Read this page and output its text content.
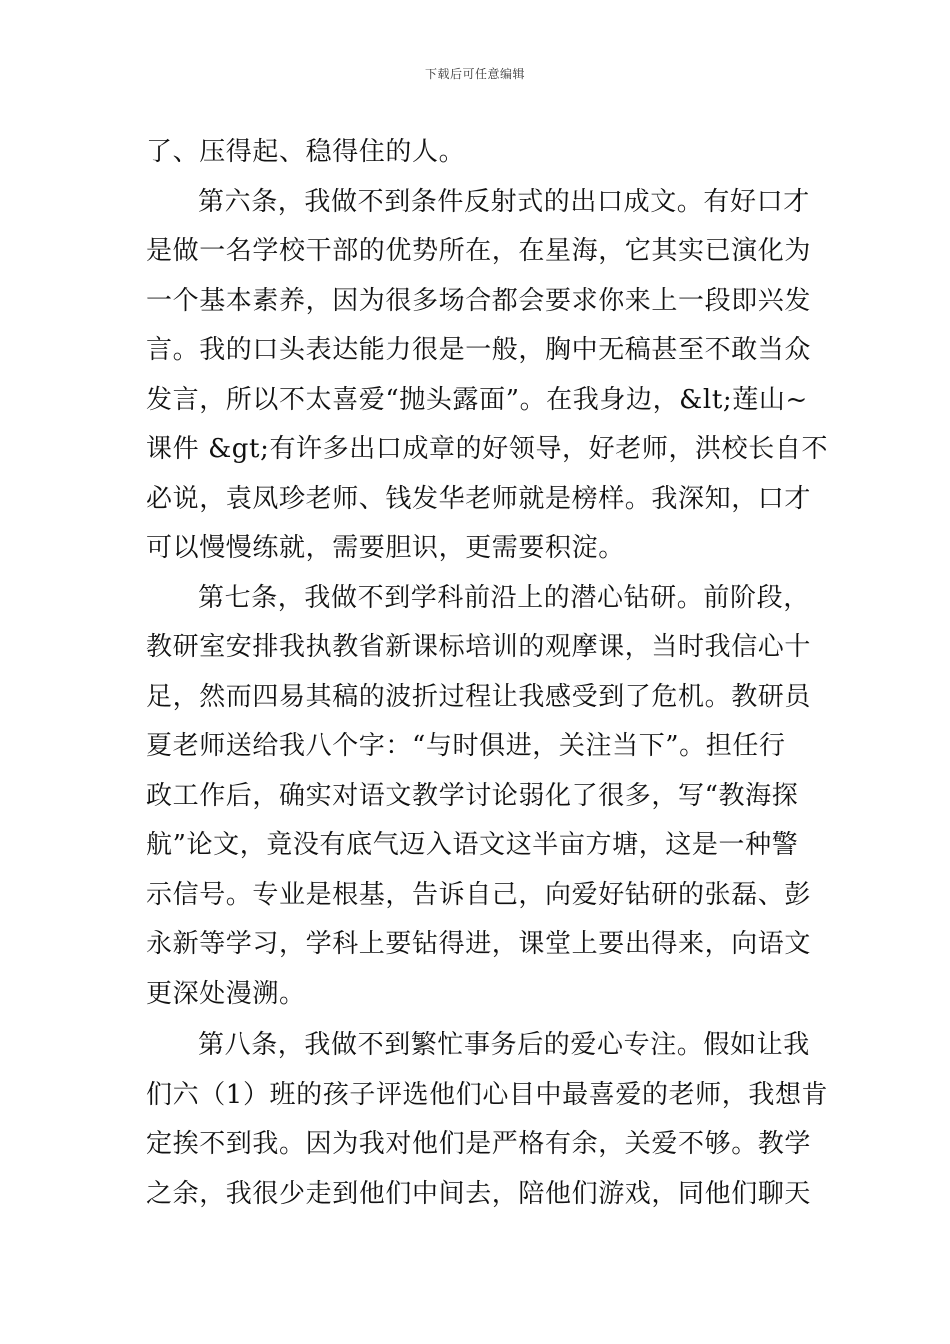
下载后可任意编辑
了、压得起、稳得住的人。
第六条，我做不到条件反射式的出口成文。有好口才
是做一名学校干部的优势所在，在星海，它其实已演化为
一个基本素养，因为很多场合都会要求你来上一段即兴发
言。我的口头表达能力很是一般，胸中无稿甚至不敢当众
发言，所以不太喜爱“抛头露面”。在我身边，&lt;莲山~
课件 &gt;有许多出口成章的好领导，好老师，洪校长自不
必说，袁凤珍老师、钱发华老师就是榜样。我深知，口才
可以慢慢练就，需要胆识，更需要积淀。
第七条，我做不到学科前沿上的潜心钻研。前阶段，
教研室安排我执教省新课标培训的观摩课，当时我信心十
足，然而四易其稿的波折过程让我感受到了危机。教研员
夏老师送给我八个字：“与时俱进，关注当下”。担任行
政工作后，确实对语文教学讨论弱化了很多，写“教海探
航”论文，竟没有底气迈入语文这半亩方塘，这是一种警
示信号。专业是根基，告诉自己，向爱好钻研的张磊、彭
永新等学习，学科上要钻得进，课堂上要出得来，向语文
更深处漫溯。
第八条，我做不到繁忙事务后的爱心专注。假如让我
们六（1）班的孩子评选他们心目中最喜爱的老师，我想肯
定挨不到我。因为我对他们是严格有余，关爱不够。教学
之余，我很少走到他们中间去，陪他们游戏，同他们聊天
